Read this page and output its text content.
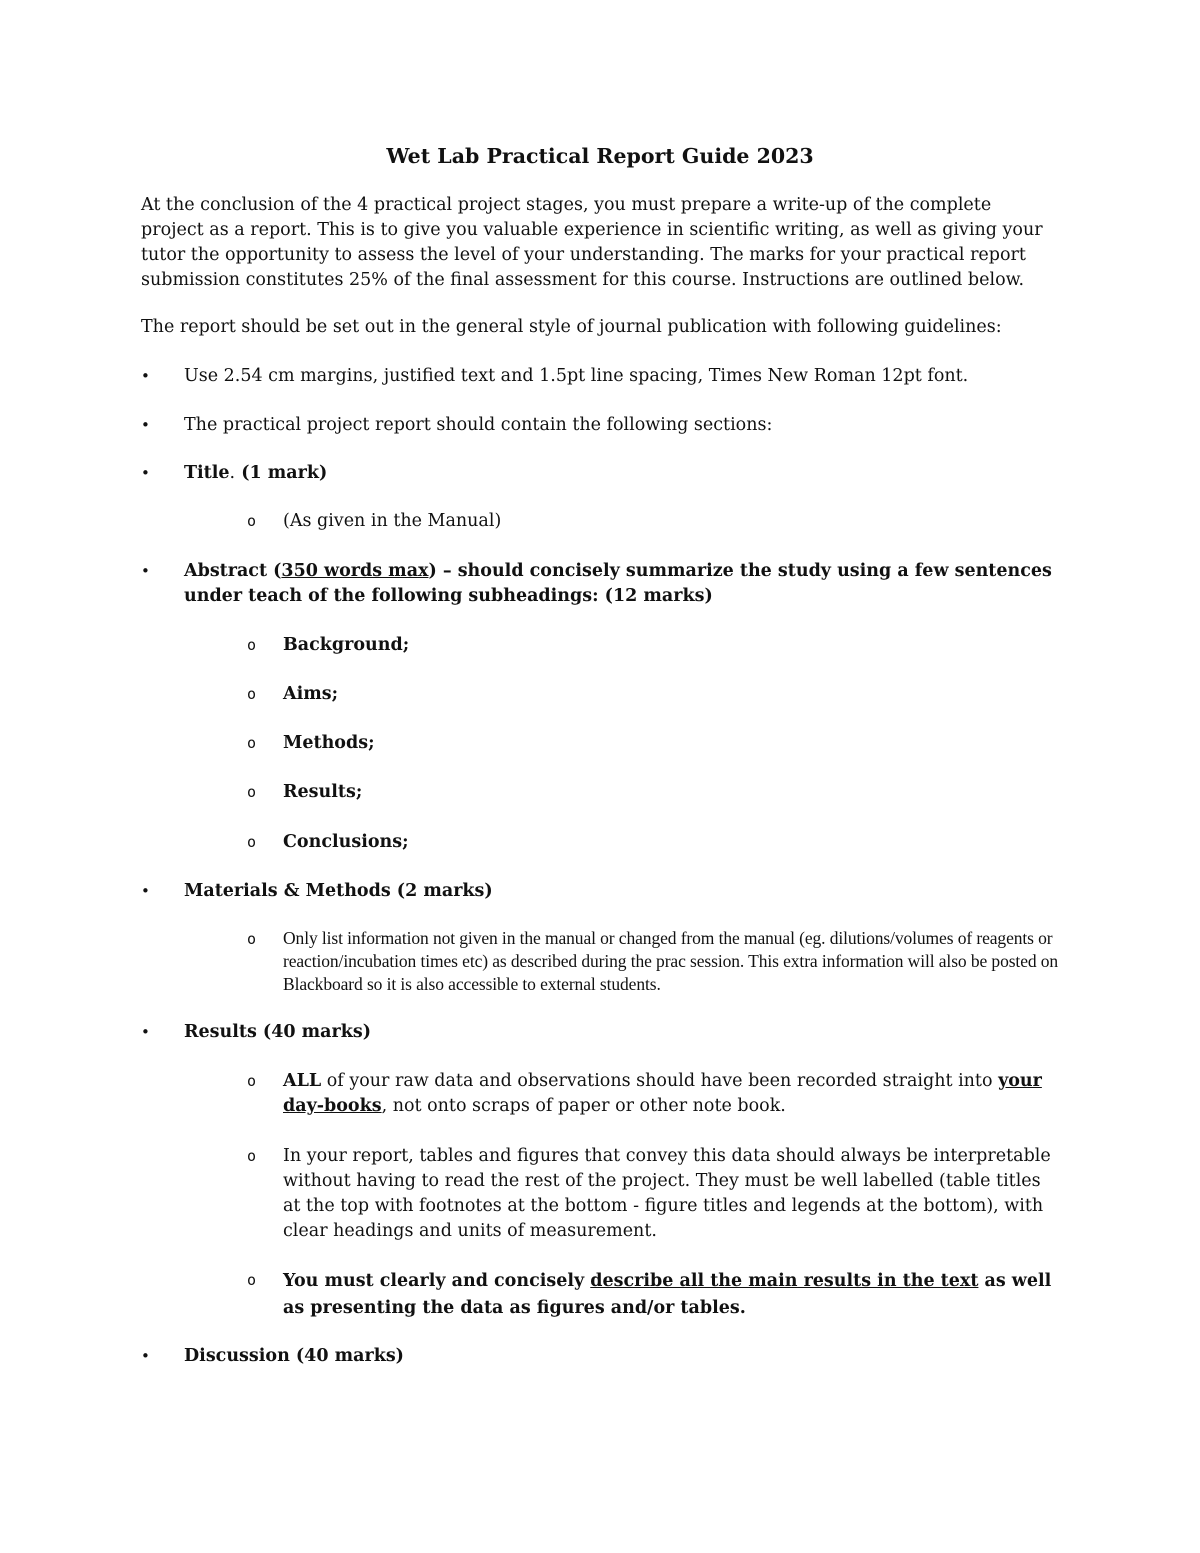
Wet Lab Practical Report Guide 2023

At the conclusion of the 4 practical project stages, you must prepare a write-up of the complete project as a report. This is to give you valuable experience in scientific writing, as well as giving your tutor the opportunity to assess the level of your understanding. The marks for your practical report submission constitutes 25% of the final assessment for this course. Instructions are outlined below.

The report should be set out in the general style of journal publication with following guidelines:

•	Use 2.54 cm margins, justified text and 1.5pt line spacing, Times New Roman 12pt font.
•	The practical project report should contain the following sections:
•	Title. (1 mark)
o	(As given in the Manual)
•	Abstract (350 words max) – should concisely summarize the study using a few sentences under teach of the following subheadings: (12 marks)
o	Background;
o	Aims;
o	Methods;
o	Results;
o	Conclusions;
•	Materials & Methods (2 marks)
o	Only list information not given in the manual or changed from the manual (eg. dilutions/volumes of reagents or reaction/incubation times etc) as described during the prac session. This extra information will also be posted on Blackboard so it is also accessible to external students.
•	Results (40 marks)
o	ALL of your raw data and observations should have been recorded straight into your day-books, not onto scraps of paper or other note book.
o	In your report, tables and figures that convey this data should always be interpretable without having to read the rest of the project. They must be well labelled (table titles at the top with footnotes at the bottom - figure titles and legends at the bottom), with clear headings and units of measurement.
o	You must clearly and concisely describe all the main results in the text as well as presenting the data as figures and/or tables.
•	Discussion (40 marks)
